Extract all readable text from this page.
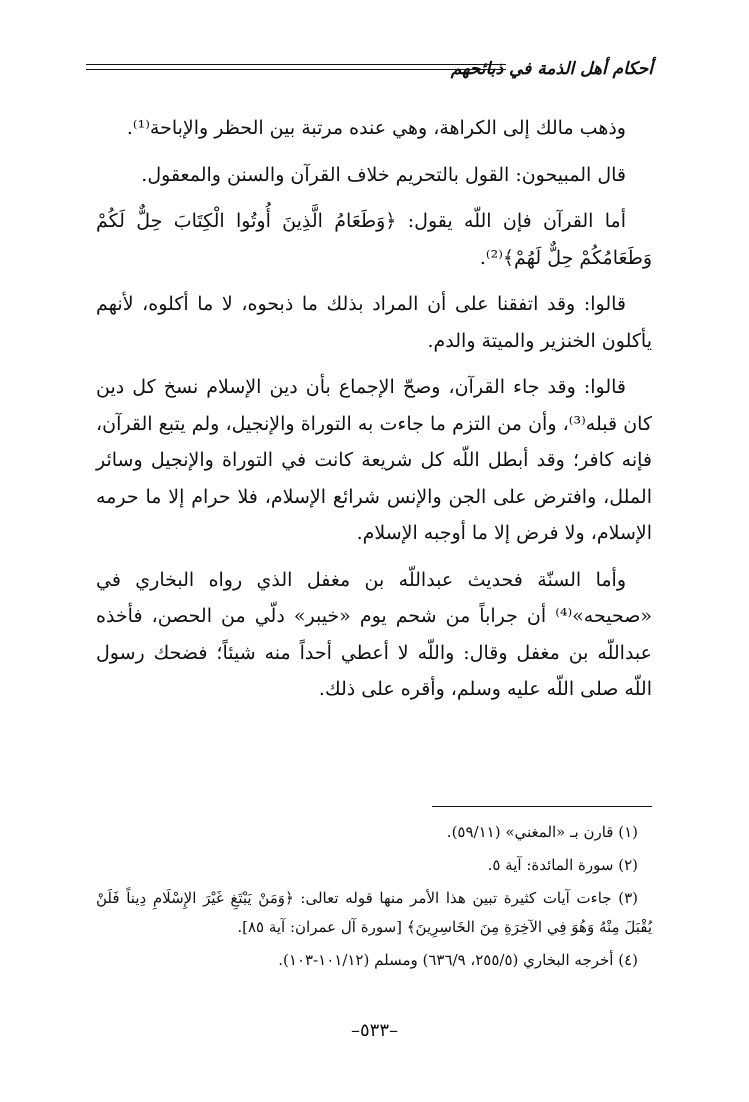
أحكام أهل الذمة في ذبائحهم

وذهب مالك إلى الكراهة، وهي عنده مرتبة بين الحظر والإباحة⁽¹⁾.

قال المبيحون: القول بالتحريم خلاف القرآن والسنن والمعقول.

أما القرآن فإن اللّه يقول: ﴿وَطَعَامُ الَّذِينَ أُوتُوا الْكِتَابَ حِلٌّ لَكُمْ وَطَعَامُكُمْ حِلٌّ لَهُمْ﴾⁽²⁾.

قالوا: وقد اتفقنا على أن المراد بذلك ما ذبحوه، لا ما أكلوه، لأنهم يأكلون الخنزير والميتة والدم.

قالوا: وقد جاء القرآن، وصحّ الإجماع بأن دين الإسلام نسخ كل دين كان قبله⁽³⁾، وأن من التزم ما جاءت به التوراة والإنجيل، ولم يتبع القرآن، فإنه كافر؛ وقد أبطل اللّه كل شريعة كانت في التوراة والإنجيل وسائر الملل، وافترض على الجن والإنس شرائع الإسلام، فلا حرام إلا ما حرمه الإسلام، ولا فرض إلا ما أوجبه الإسلام.

وأما السنّة فحديث عبداللّه بن مغفل الذي رواه البخاري في «صحيحه»⁽⁴⁾ أن جراباً من شحم يوم «خيبر» دلّي من الحصن، فأخذه عبداللّه بن مغفل وقال: واللّه لا أعطي أحداً منه شيئاً؛ فضحك رسول اللّه صلى اللّه عليه وسلم، وأقره على ذلك.

(١) قارن بـ «المغني» (٥٩/١١).

(٢) سورة المائدة: آية ٥.

(٣) جاءت آيات كثيرة تبين هذا الأمر منها قوله تعالى: ﴿وَمَنْ يَبْتَغِ غَيْرَ الإِسْلَامِ دِيناً فَلَنْ يُقْبَلَ مِنْهُ وَهُوَ فِي الآخِرَةِ مِنَ الخَاسِرِينَ﴾ [سورة آل عمران: آية ٨٥].

(٤) أخرجه البخاري (٢٥٥/٥، ٦٣٦/٩) ومسلم (١٠١/١٢-١٠٣).

–٥٣٣–
